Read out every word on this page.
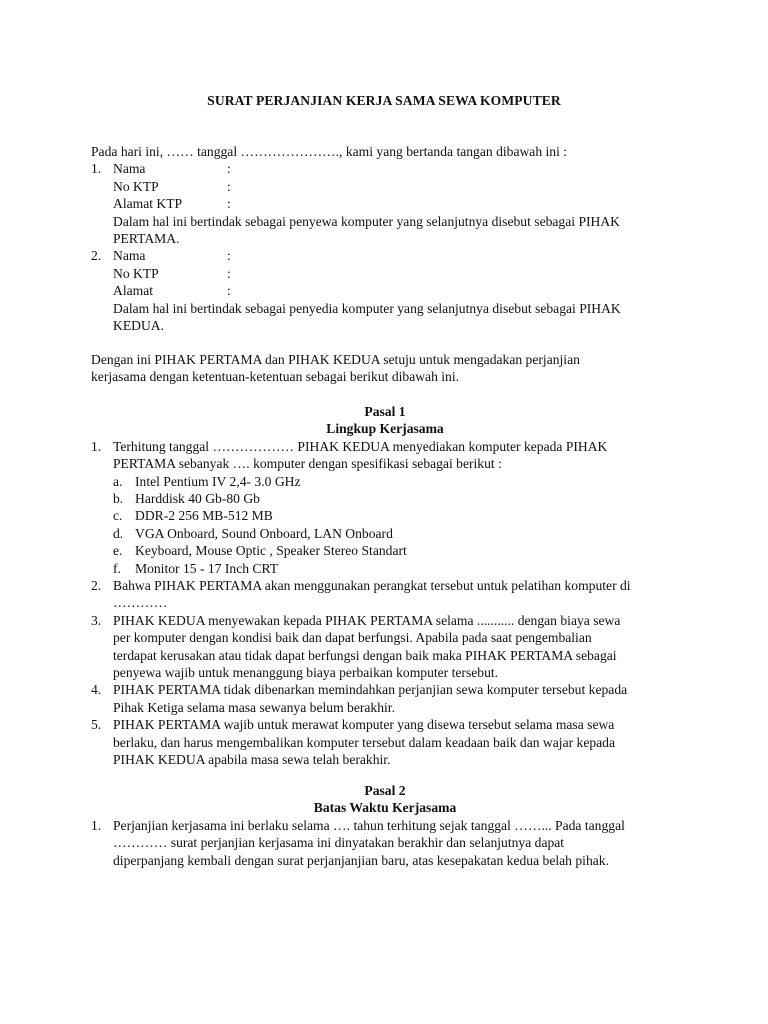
SURAT PERJANJIAN KERJA SAMA SEWA KOMPUTER
Pada hari ini, …… tanggal …………………., kami yang bertanda tangan dibawah ini :
1. Nama	:
No KTP	:
Alamat KTP	:
Dalam hal ini bertindak sebagai penyewa komputer yang selanjutnya disebut sebagai PIHAK
PERTAMA.
2. Nama	:
No KTP	:
Alamat	:
Dalam hal ini bertindak sebagai penyedia komputer yang selanjutnya disebut sebagai PIHAK
KEDUA.
Dengan ini PIHAK PERTAMA dan PIHAK KEDUA setuju untuk mengadakan perjanjian
kerjasama dengan ketentuan-ketentuan sebagai berikut dibawah ini.
Pasal 1
Lingkup Kerjasama
1. Terhitung tanggal ……………… PIHAK KEDUA menyediakan komputer kepada PIHAK
PERTAMA sebanyak …. komputer dengan spesifikasi sebagai berikut :
a. Intel Pentium IV 2,4- 3.0 GHz
b. Harddisk 40 Gb-80 Gb
c. DDR-2 256 MB-512 MB
d. VGA Onboard, Sound Onboard, LAN Onboard
e. Keyboard, Mouse Optic , Speaker Stereo Standart
f. Monitor 15 - 17 Inch CRT
2. Bahwa PIHAK PERTAMA akan menggunakan perangkat tersebut untuk pelatihan komputer di
…………
3. PIHAK KEDUA menyewakan kepada PIHAK PERTAMA selama ........... dengan biaya sewa
per komputer dengan kondisi baik dan dapat berfungsi. Apabila pada saat pengembalian
terdapat kerusakan atau tidak dapat berfungsi dengan baik maka PIHAK PERTAMA sebagai
penyewa wajib untuk menanggung biaya perbaikan komputer tersebut.
4. PIHAK PERTAMA tidak dibenarkan memindahkan perjanjian sewa komputer tersebut kepada
Pihak Ketiga selama masa sewanya belum berakhir.
5. PIHAK PERTAMA wajib untuk merawat komputer yang disewa tersebut selama masa sewa
berlaku, dan harus mengembalikan komputer tersebut dalam keadaan baik dan wajar kepada
PIHAK KEDUA apabila masa sewa telah berakhir.
Pasal 2
Batas Waktu Kerjasama
1. Perjanjian kerjasama ini berlaku selama …. tahun terhitung sejak tanggal ……... Pada tanggal
………… surat perjanjian kerjasama ini dinyatakan berakhir dan selanjutnya dapat
diperpanjang kembali dengan surat perjanjanjian baru, atas kesepakatan kedua belah pihak.
